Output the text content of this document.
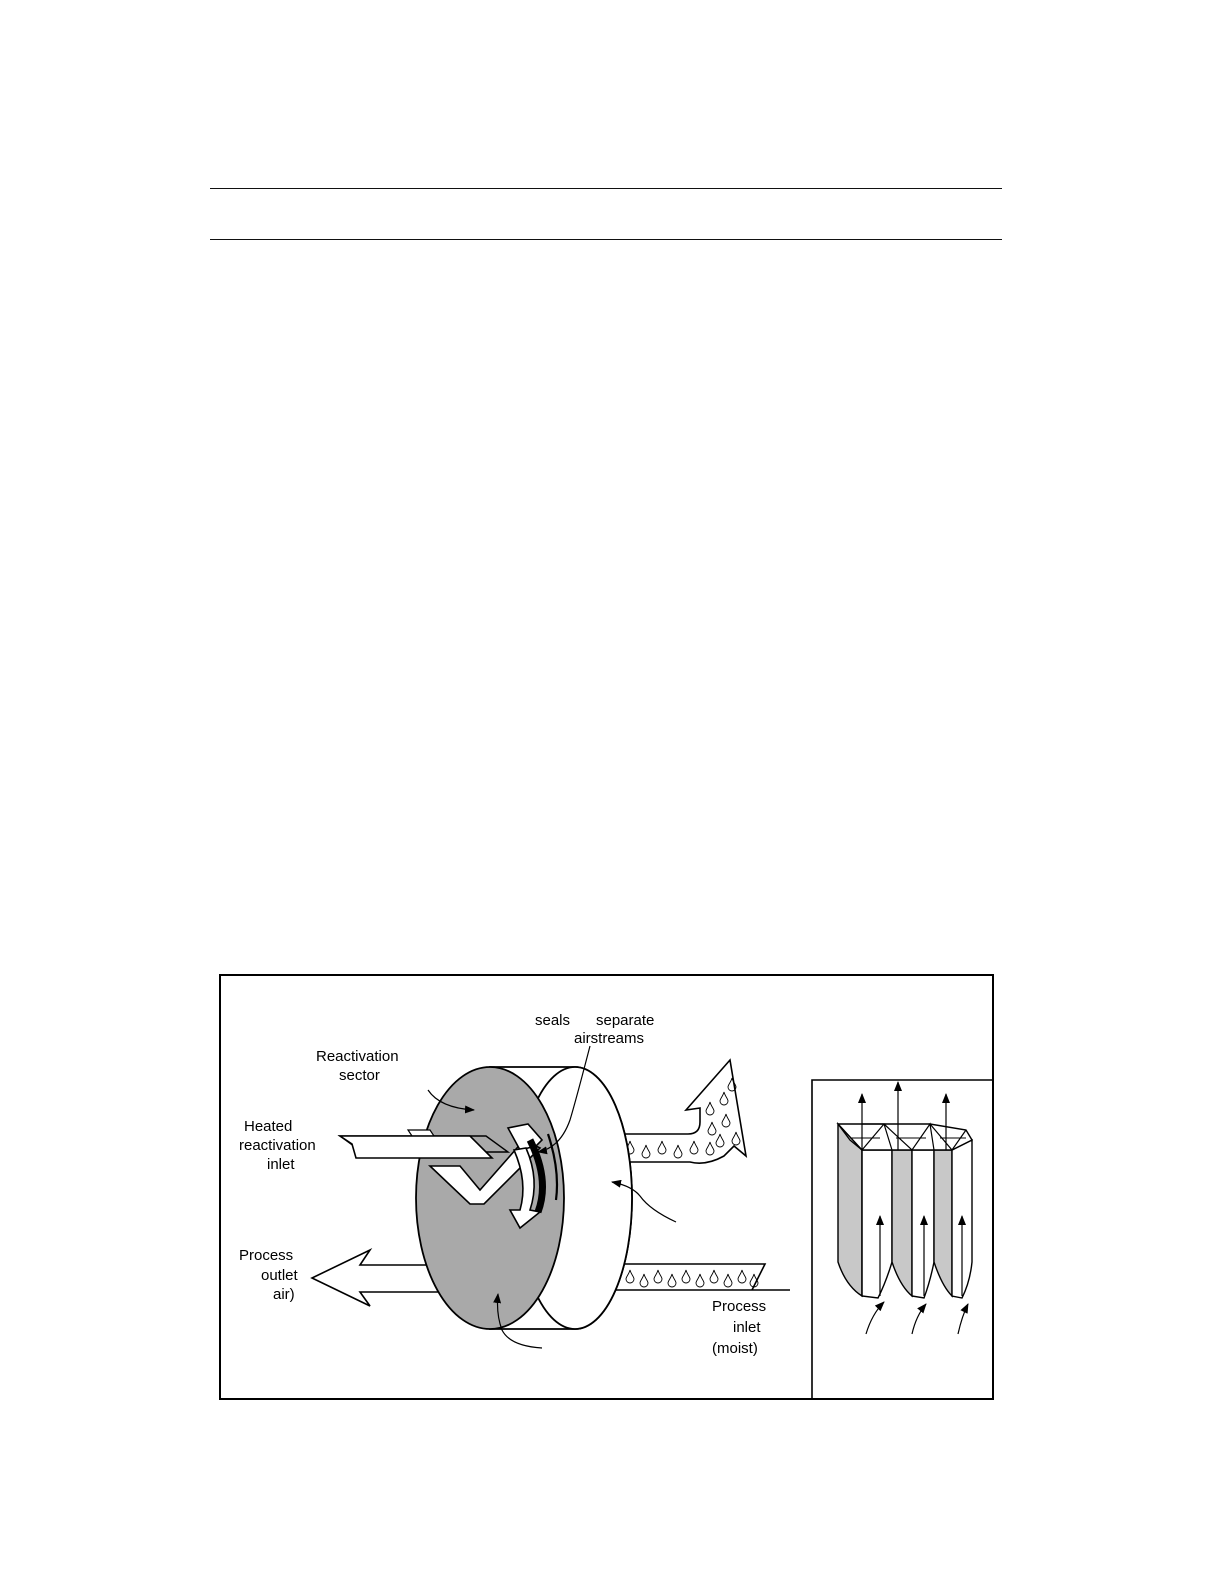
seals separate
airstreams
Reactivation
sector
Heated
reactivation
inlet
Process
outlet
air)
Process
inlet
(moist)
